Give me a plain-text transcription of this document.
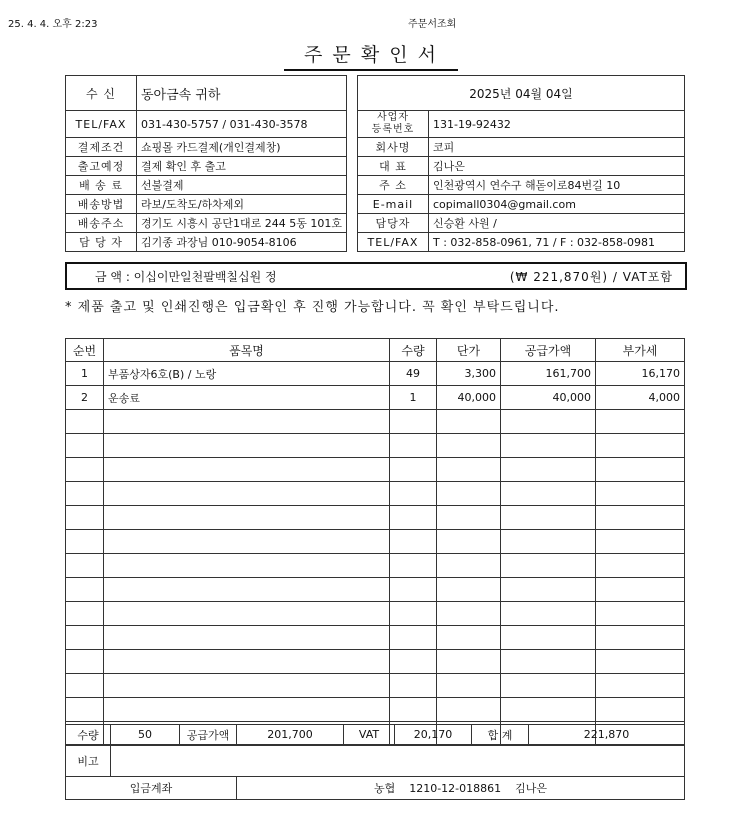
25. 4. 4. 오후 2:23	주문서조회
주 문 확 인 서
수 신	동아금속 귀하
TEL/FAX	031-430-5757 / 031-430-3578
결제조건	쇼핑몰 카드결제(개인결제창)
출고예정	결제 확인 후 출고
배 송 료	선불결제
배송방법	라보/도착도/하차제외
배송주소	경기도 시흥시 공단1대로 244 5동 101호
담 당 자	김기종 과장님 010-9054-8106
2025년 04월 04일	
사업자
등록번호	131-19-92432
회사명	코피
대 표	김나은
주 소	인천광역시 연수구 해돋이로84번길 10
E-mail	copimall0304@gmail.com
담당자	신승환 사원 /
TEL/FAX	T : 032-858-0961, 71 / F : 032-858-0981
금 액 : 이십이만일천팔백칠십원 정	(₩ 221,870원) / VAT포함
* 제품 출고 및 인쇄진행은 입금확인 후 진행 가능합니다. 꼭 확인 부탁드립니다.
순번	품목명	수량	단가	공급가액	부가세
1	부품상자6호(B) / 노랑	49	3,300	161,700	16,170
2	운송료	1	40,000	40,000	4,000

수량	50	공급가액	201,700	VAT	20,170	합 계	221,870
비고							
입금계좌			농협    1210-12-018861    김나은				
